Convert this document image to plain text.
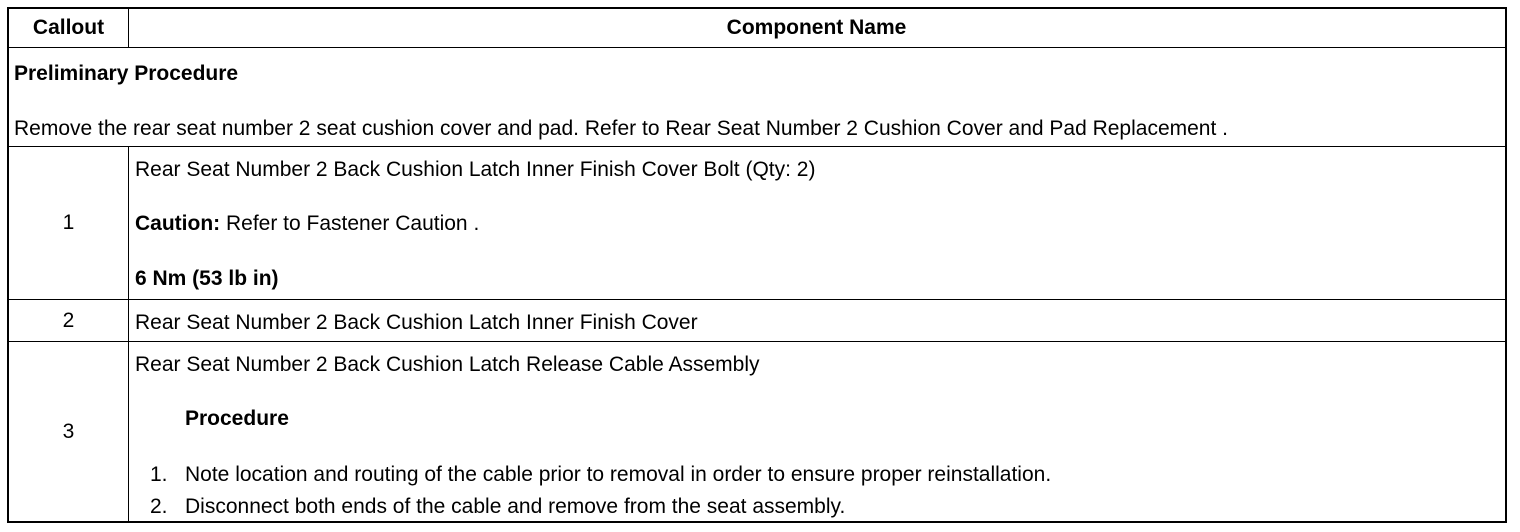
Callout	Component Name
Preliminary Procedure
Remove the rear seat number 2 seat cushion cover and pad. Refer to Rear Seat Number 2 Cushion Cover and Pad Replacement .
1
Rear Seat Number 2 Back Cushion Latch Inner Finish Cover Bolt (Qty: 2)
Caution: Refer to Fastener Caution .
6 Nm (53 lb in)
2	Rear Seat Number 2 Back Cushion Latch Inner Finish Cover
3
Rear Seat Number 2 Back Cushion Latch Release Cable Assembly
Procedure
1. Note location and routing of the cable prior to removal in order to ensure proper reinstallation.
2. Disconnect both ends of the cable and remove from the seat assembly.
